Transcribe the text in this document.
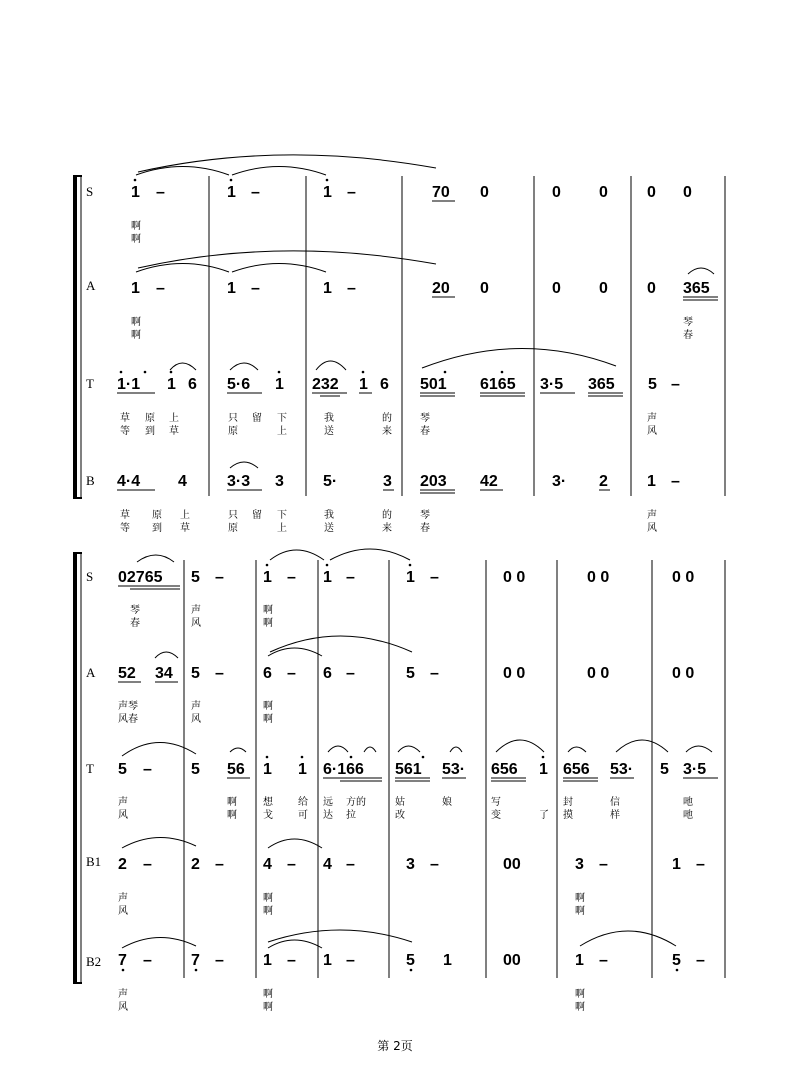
S 1 –	1 –	1 –	70 0	0 0 0 0
啊
啊
A 1 –	1 –	1 –	20 0	0 0 0 365
啊
啊
琴
春
T 1·1 1 6 5·6 1 232 1 6 501 6165 3·5 365 5 –
草 原 上	只 留 下	我	的	琴	声
等 到 草	原	上	送	来	春	风
B 4·4 4	3·3 3 5·	3 203 42	3· 2 1 –
草 原 上	只 留 下	我	的	琴	声
等 到 草	原	上	送	来	春	风
S 02765 5 – 1 – 1 –	1 –	0 0	0 0	0 0
琴	声	啊
春	风	啊
A 52 34 5 – 6 – 6 –	5 –	0 0	0 0	0 0
声琴	声	啊
风春	风	啊
T 5 – 5 56 1 1 6·166 561 53· 656 1 656 53· 5 3·5
声	啊	想	给 远 方的	姑	娘	写	封	信	吔
风	啊	戈	可 达 拉	改	变	了 摸	样	吔
B1 2 – 2 – 4 – 4 –	3 –	00	3 –	1 –
声	啊	啊
风	啊	啊
B2 7 – 7 – 1 – 1 –	5 1	00	1 –	5 –
声	啊	啊
风	啊	啊
第 2页
